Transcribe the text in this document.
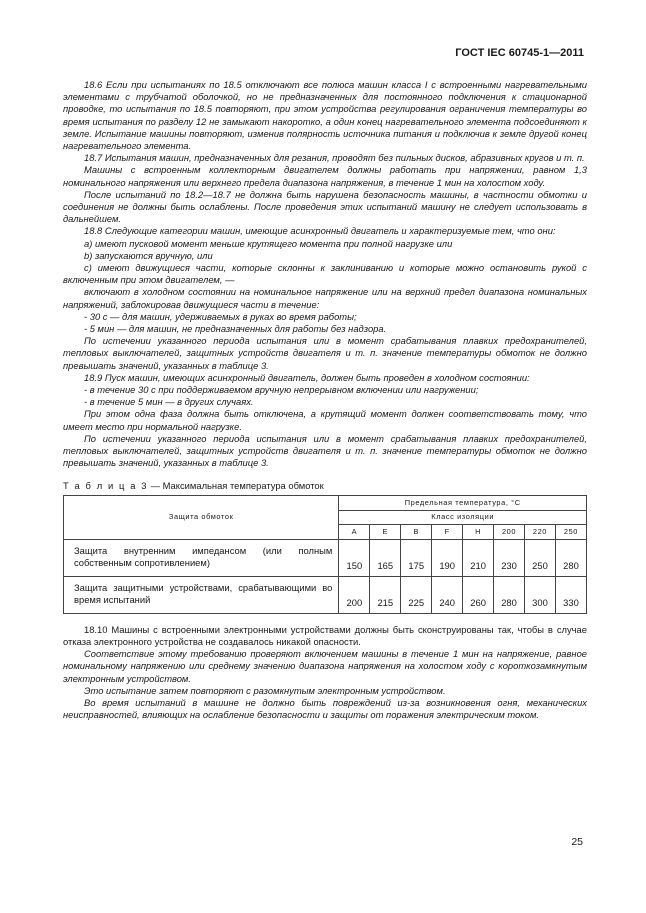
ГОСТ IEC 60745-1—2011

18.6 Если при испытаниях по 18.5 отключают все полюса машин класса I с встроенными нагревательными элементами с трубчатой оболочкой, но не предназначенных для постоянного подключения к стационарной проводке, то испытания по 18.5 повторяют, при этом устройства регулирования ограничения температуры во время испытания по разделу 12 не замыкают накоротко, а один конец нагревательного элемента подсоединяют к земле. Испытание машины повторяют, изменив полярность источника питания и подключив к земле другой конец нагревательного элемента.

18.7 Испытания машин, предназначенных для резания, проводят без пильных дисков, абразивных кругов и т. п.

Машины с встроенным коллекторным двигателем должны работать при напряжении, равном 1,3 номинального напряжения или верхнего предела диапазона напряжения, в течение 1 мин на холостом ходу.

После испытаний по 18.2—18.7 не должна быть нарушена безопасность машины, в частности обмотки и соединения не должны быть ослаблены. После проведения этих испытаний машину не следует использовать в дальнейшем.

18.8 Следующие категории машин, имеющие асинхронный двигатель и характеризуемые тем, что они:

a) имеют пусковой момент меньше крутящего момента при полной нагрузке или

b) запускаются вручную, или

c) имеют движущиеся части, которые склонны к заклиниванию и которые можно остановить рукой с включенным при этом двигателем, —

включают в холодном состоянии на номинальное напряжение или на верхний предел диапазона номинальных напряжений, заблокировав движущиеся части в течение:

- 30 с — для машин, удерживаемых в руках во время работы;

- 5 мин — для машин, не предназначенных для работы без надзора.

По истечении указанного периода испытания или в момент срабатывания плавких предохранителей, тепловых выключателей, защитных устройств двигателя и т. п. значение температуры обмоток не должно превышать значений, указанных в таблице 3.

18.9 Пуск машин, имеющих асинхронный двигатель, должен быть проведен в холодном состоянии:

- в течение 30 с при поддерживаемом вручную непрерывном включении или нагружении;

- в течение 5 мин — в других случаях.

При этом одна фаза должна быть отключена, а крутящий момент должен соответствовать тому, что имеет место при нормальной нагрузке.

По истечении указанного периода испытания или в момент срабатывания плавких предохранителей, тепловых выключателей, защитных устройств двигателя и т. п. значение температуры обмоток не должно превышать значений, указанных в таблице 3.

Т а б л и ц а 3 — Максимальная температура обмоток
Защита обмоток	Предельная температура, °С							
	Класс изоляции							
	A	E	B	F	H	200	220	250
Защита внутренним импедансом (или полным собственным сопротивлением)	150	165	175	190	210	230	250	280
Защита защитными устройствами, срабатывающими во время испытаний	200	215	225	240	260	280	300	330

18.10 Машины с встроенными электронными устройствами должны быть сконструированы так, чтобы в случае отказа электронного устройства не создавалось никакой опасности.

Соответствие этому требованию проверяют включением машины в течение 1 мин на напряжение, равное номинальному напряжению или среднему значению диапазона напряжения на холостом ходу с короткозамкнутым электронным устройством.

Это испытание затем повторяют с разомкнутым электронным устройством.

Во время испытаний в машине не должно быть повреждений из-за возникновения огня, механических неисправностей, влияющих на ослабление безопасности и защиты от поражения электрическим током.

25
